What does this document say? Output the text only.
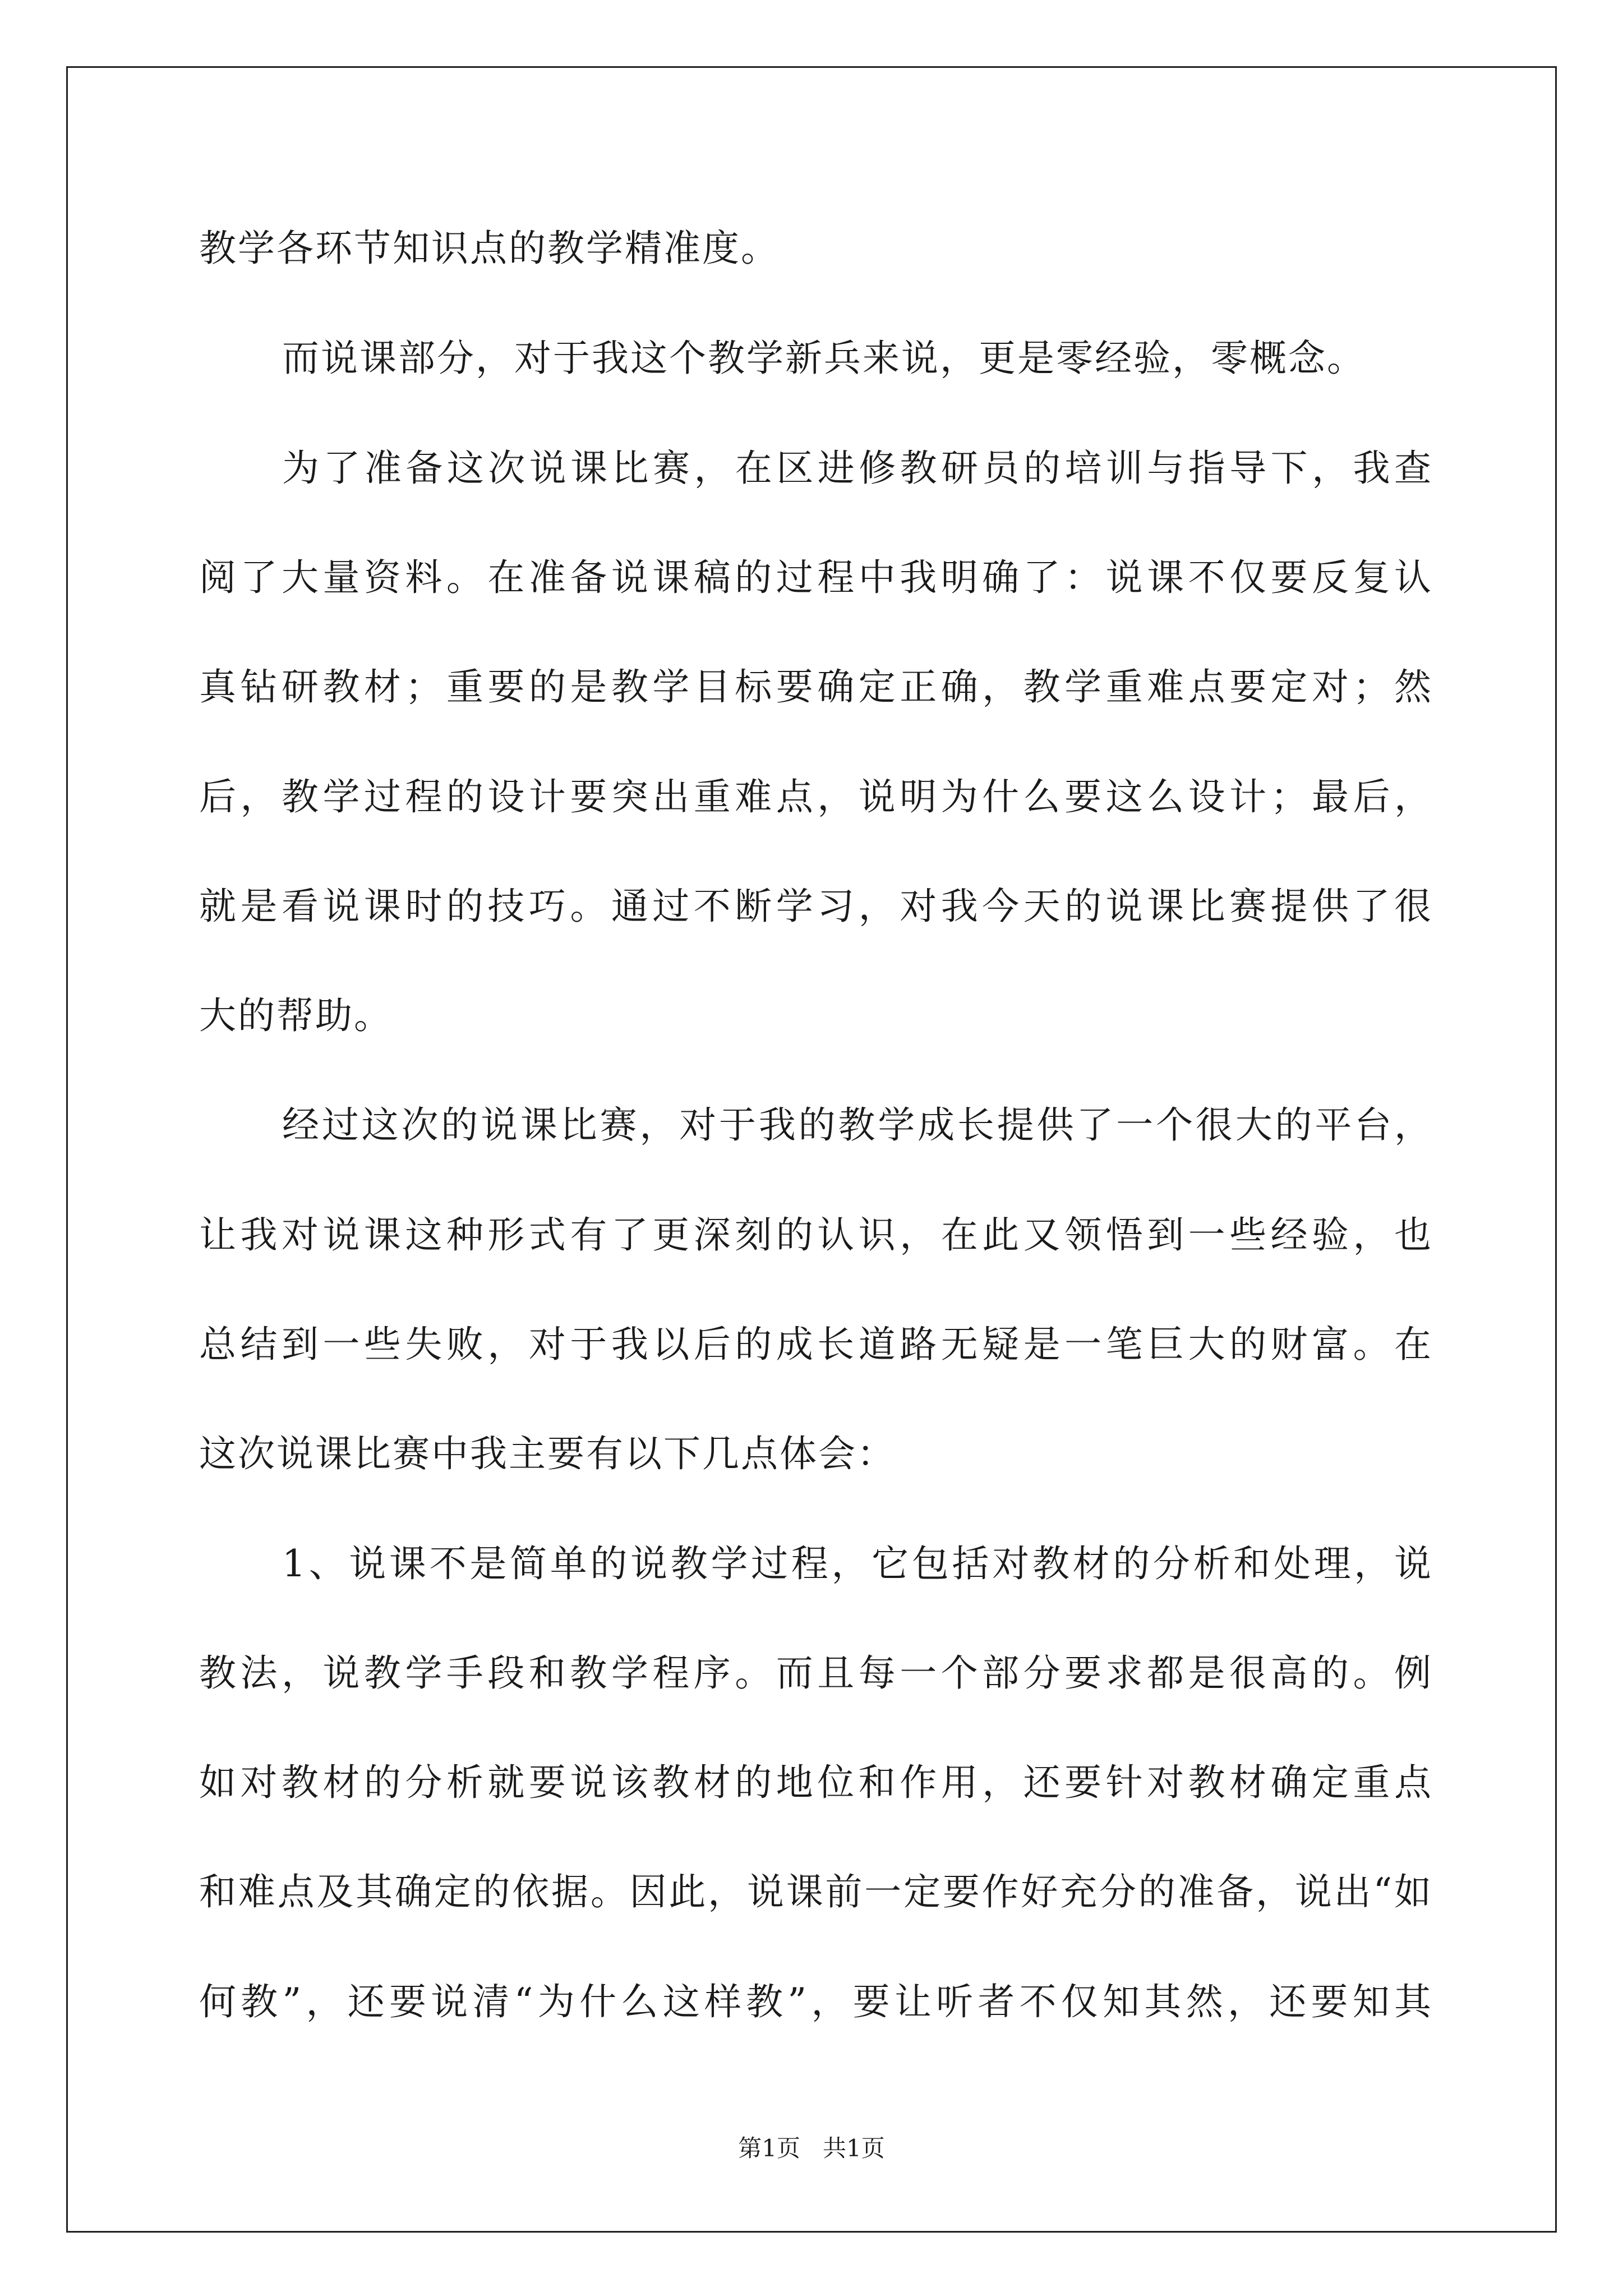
教学各环节知识点的教学精准度。
而说课部分，对于我这个教学新兵来说，更是零经验，零概念。
为了准备这次说课比赛，在区进修教研员的培训与指导下，我查
阅了大量资料。在准备说课稿的过程中我明确了：说课不仅要反复认
真钻研教材；重要的是教学目标要确定正确，教学重难点要定对；然
后，教学过程的设计要突出重难点，说明为什么要这么设计；最后，
就是看说课时的技巧。通过不断学习，对我今天的说课比赛提供了很
大的帮助。
经过这次的说课比赛，对于我的教学成长提供了一个很大的平台，
让我对说课这种形式有了更深刻的认识，在此又领悟到一些经验，也
总结到一些失败，对于我以后的成长道路无疑是一笔巨大的财富。在
这次说课比赛中我主要有以下几点体会：
1、说课不是简单的说教学过程，它包括对教材的分析和处理，说
教法，说教学手段和教学程序。而且每一个部分要求都是很高的。例
如对教材的分析就要说该教材的地位和作用，还要针对教材确定重点
和难点及其确定的依据。因此，说课前一定要作好充分的准备，说出“如
何教”，还要说清“为什么这样教”，要让听者不仅知其然，还要知其
第1页 共1页
